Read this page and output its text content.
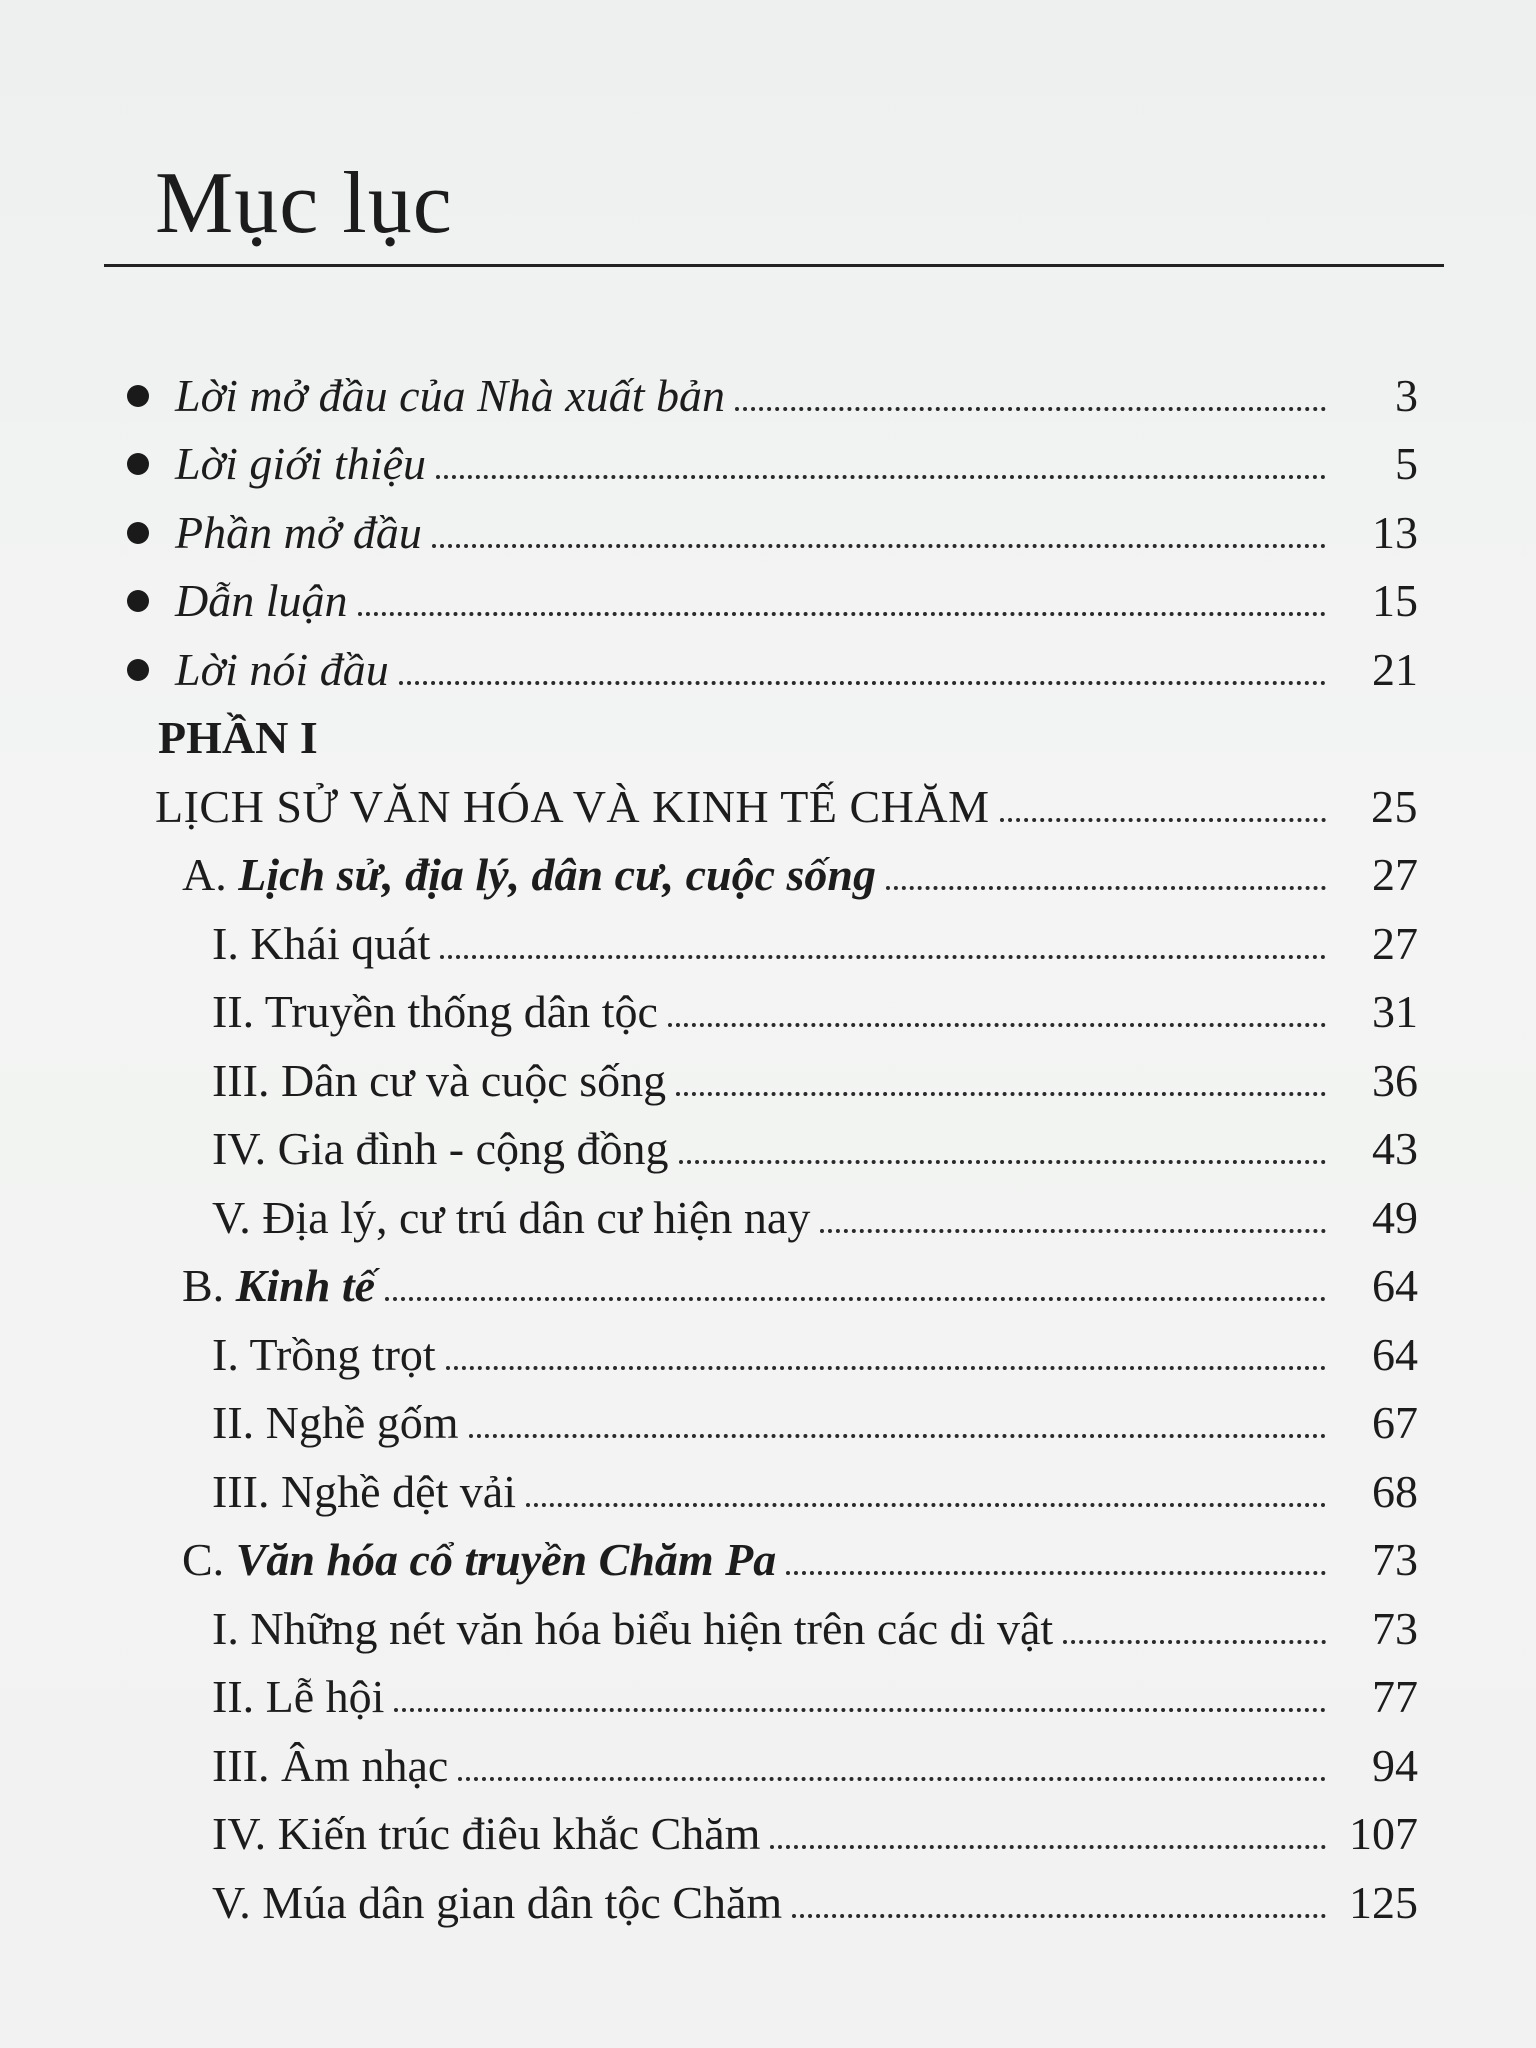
Mục lục
Lời mở đầu của Nhà xuất bản	3
Lời giới thiệu	5
Phần mở đầu	13
Dẫn luận	15
Lời nói đầu	21
PHẦN I
LỊCH SỬ VĂN HÓA VÀ KINH TẾ CHĂM	25
A. Lịch sử, địa lý, dân cư, cuộc sống	27
I. Khái quát	27
II. Truyền thống dân tộc	31
III. Dân cư và cuộc sống	36
IV. Gia đình - cộng đồng	43
V. Địa lý, cư trú dân cư hiện nay	49
B. Kinh tế	64
I. Trồng trọt	64
II. Nghề gốm	67
III. Nghề dệt vải	68
C. Văn hóa cổ truyền Chăm Pa	73
I. Những nét văn hóa biểu hiện trên các di vật	73
II. Lễ hội	77
III. Âm nhạc	94
IV. Kiến trúc điêu khắc Chăm	107
V. Múa dân gian dân tộc Chăm	125
